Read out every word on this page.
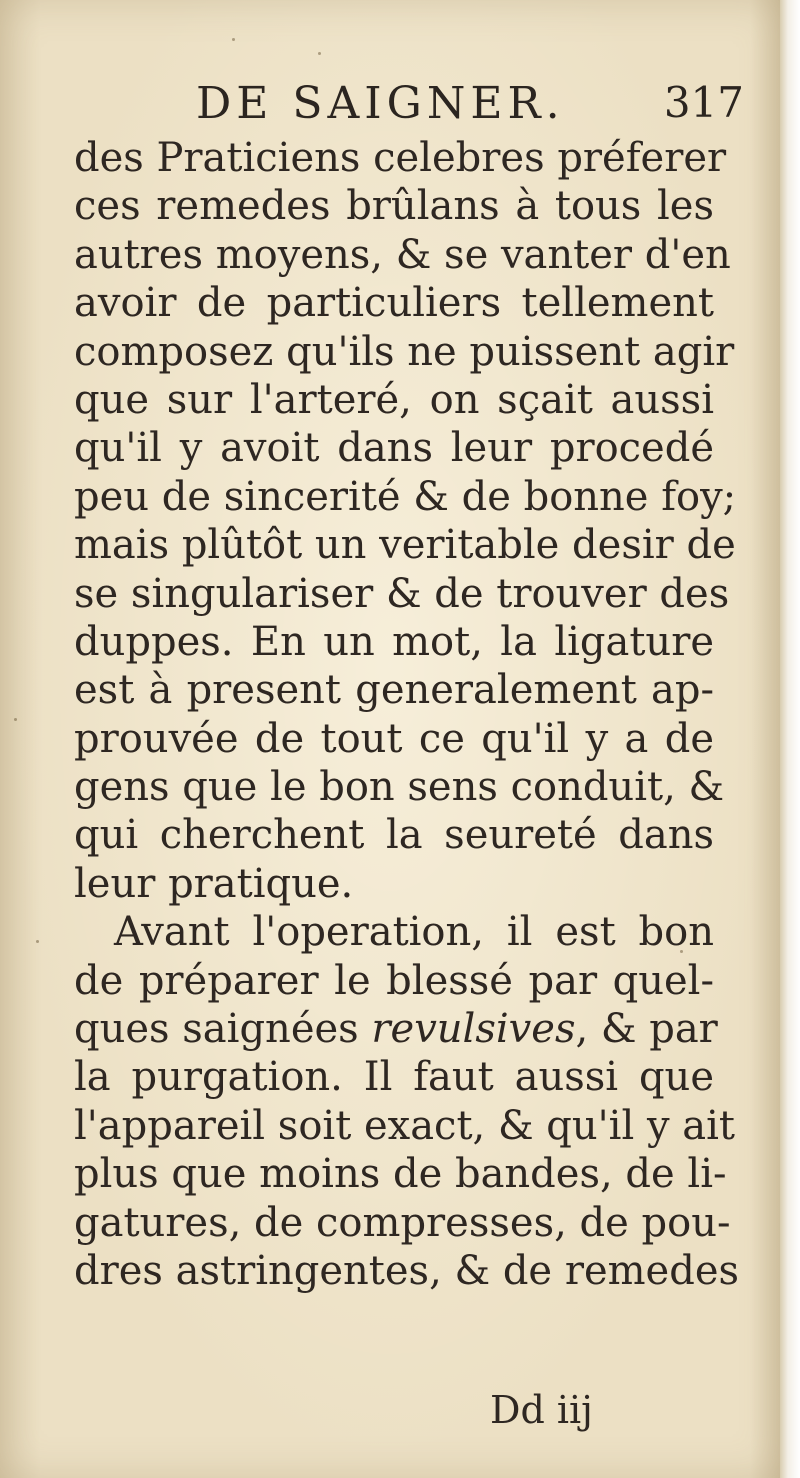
DE SAIGNER. 317
des Praticiens celebres préferer
ces remedes brûlans à tous les
autres moyens, & se vanter d'en
avoir de particuliers tellement
composez qu'ils ne puissent agir
que sur l'arteré, on sçait aussi
qu'il y avoit dans leur procedé
peu de sincerité & de bonne foy;
mais plûtôt un veritable desir de
se singulariser & de trouver des
duppes. En un mot, la ligature
est à present generalement ap-
prouvée de tout ce qu'il y a de
gens que le bon sens conduit, &
qui cherchent la seureté dans
leur pratique.
Avant l'operation, il est bon
de préparer le blessé par quel-
ques saignées revulsives, & par
la purgation. Il faut aussi que
l'appareil soit exact, & qu'il y ait
plus que moins de bandes, de li-
gatures, de compresses, de pou-
dres astringentes, & de remedes
Dd iij
